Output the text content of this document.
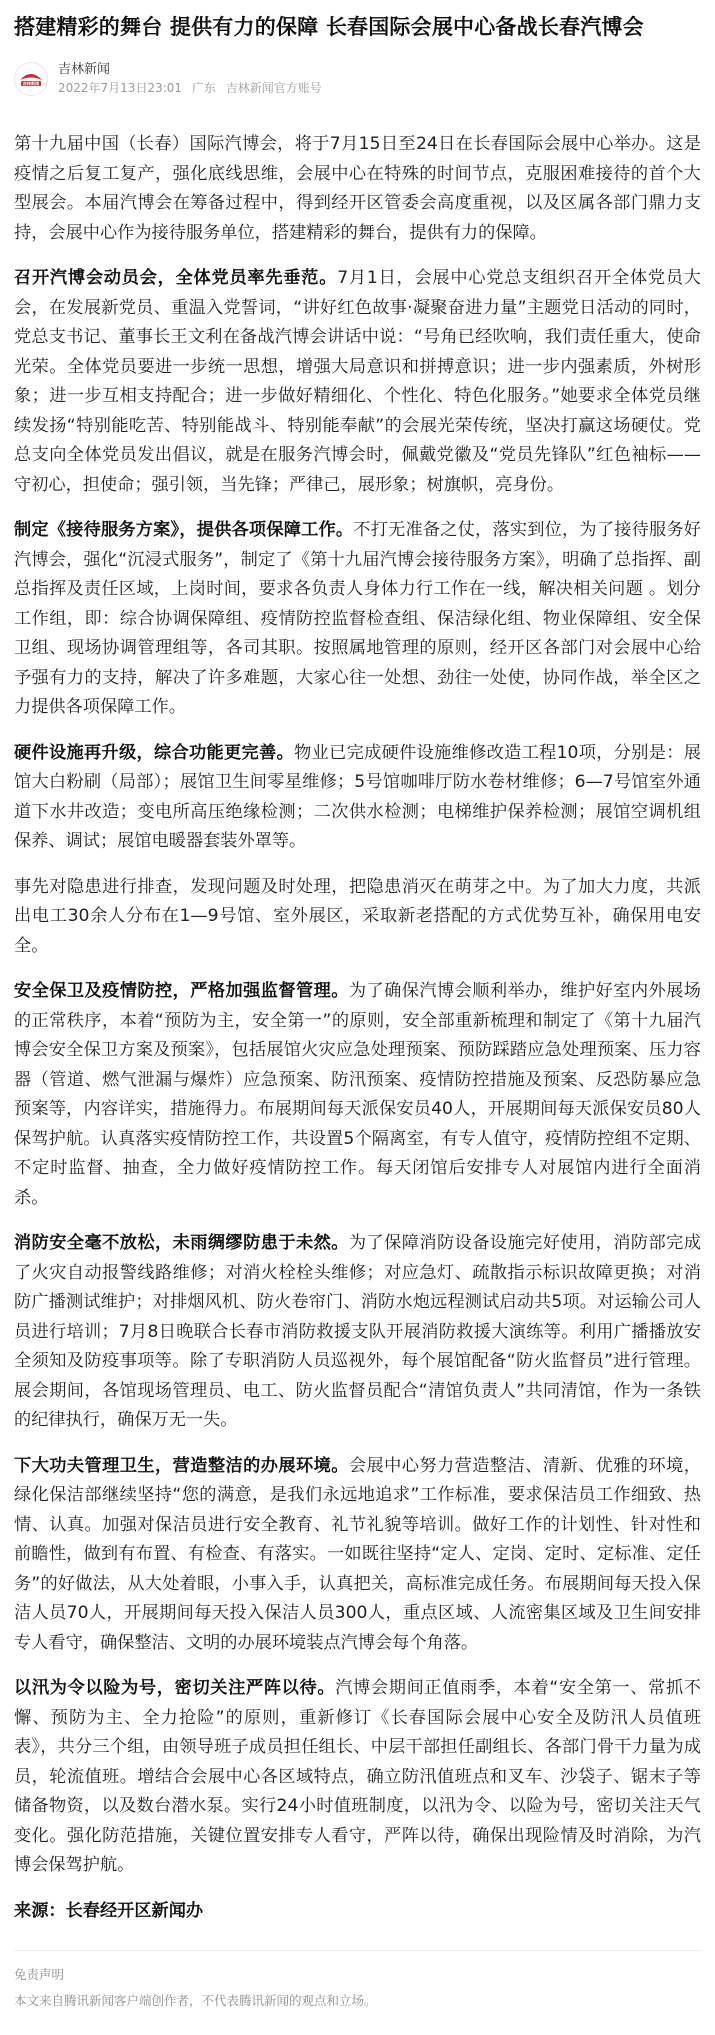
搭建精彩的舞台 提供有力的保障 长春国际会展中心备战长春汽博会
吉林新闻
吉林新闻
2022年7月13日23:01 广东 吉林新闻官方账号

第十九届中国（长春）国际汽博会，将于7月15日至24日在长春国际会展中心举办。这是疫情之后复工复产，强化底线思维，会展中心在特殊的时间节点，克服困难接待的首个大型展会。本届汽博会在筹备过程中，得到经开区管委会高度重视，以及区属各部门鼎力支持，会展中心作为接待服务单位，搭建精彩的舞台，提供有力的保障。

召开汽博会动员会，全体党员率先垂范。7月1日，会展中心党总支组织召开全体党员大会，在发展新党员、重温入党誓词，“讲好红色故事·凝聚奋进力量”主题党日活动的同时，党总支书记、董事长王文利在备战汽博会讲话中说：“号角已经吹响，我们责任重大，使命光荣。全体党员要进一步统一思想，增强大局意识和拼搏意识；进一步内强素质，外树形象；进一步互相支持配合；进一步做好精细化、个性化、特色化服务。”她要求全体党员继续发扬“特别能吃苦、特别能战斗、特别能奉献”的会展光荣传统，坚决打赢这场硬仗。党总支向全体党员发出倡议，就是在服务汽博会时，佩戴党徽及“党员先锋队”红色袖标——守初心，担使命；强引领，当先锋；严律己，展形象；树旗帜，亮身份。

制定《接待服务方案》，提供各项保障工作。不打无准备之仗，落实到位，为了接待服务好汽博会，强化“沉浸式服务”，制定了《第十九届汽博会接待服务方案》，明确了总指挥、副总指挥及责任区域，上岗时间，要求各负责人身体力行工作在一线，解决相关问题 。划分工作组，即：综合协调保障组、疫情防控监督检查组、保洁绿化组、物业保障组、安全保卫组、现场协调管理组等，各司其职。按照属地管理的原则，经开区各部门对会展中心给予强有力的支持，解决了许多难题，大家心往一处想、劲往一处使，协同作战，举全区之力提供各项保障工作。

硬件设施再升级，综合功能更完善。物业已完成硬件设施维修改造工程10项，分别是：展馆大白粉刷（局部）；展馆卫生间零星维修；5号馆咖啡厅防水卷材维修；6—7号馆室外通道下水井改造；变电所高压绝缘检测；二次供水检测；电梯维护保养检测；展馆空调机组保养、调试；展馆电暖器套装外罩等。

事先对隐患进行排查，发现问题及时处理，把隐患消灭在萌芽之中。为了加大力度，共派出电工30余人分布在1—9号馆、室外展区，采取新老搭配的方式优势互补，确保用电安全。

安全保卫及疫情防控，严格加强监督管理。为了确保汽博会顺利举办，维护好室内外展场的正常秩序，本着“预防为主，安全第一”的原则，安全部重新梳理和制定了《第十九届汽博会安全保卫方案及预案》，包括展馆火灾应急处理预案、预防踩踏应急处理预案、压力容器（管道、燃气泄漏与爆炸）应急预案、防汛预案、疫情防控措施及预案、反恐防暴应急预案等，内容详实，措施得力。布展期间每天派保安员40人，开展期间每天派保安员80人保驾护航。认真落实疫情防控工作，共设置5个隔离室，有专人值守，疫情防控组不定期、不定时监督、抽查，全力做好疫情防控工作。每天闭馆后安排专人对展馆内进行全面消杀。

消防安全毫不放松，未雨绸缪防患于未然。为了保障消防设备设施完好使用，消防部完成了火灾自动报警线路维修；对消火栓栓头维修；对应急灯、疏散指示标识故障更换；对消防广播测试维护；对排烟风机、防火卷帘门、消防水炮远程测试启动共5项。对运输公司人员进行培训；7月8日晚联合长春市消防救援支队开展消防救援大演练等。利用广播播放安全须知及防疫事项等。除了专职消防人员巡视外，每个展馆配备“防火监督员”进行管理。展会期间，各馆现场管理员、电工、防火监督员配合“清馆负责人”共同清馆，作为一条铁的纪律执行，确保万无一失。

下大功夫管理卫生，营造整洁的办展环境。会展中心努力营造整洁、清新、优雅的环境，绿化保洁部继续坚持“您的满意，是我们永远地追求”工作标准，要求保洁员工作细致、热情、认真。加强对保洁员进行安全教育、礼节礼貌等培训。做好工作的计划性、针对性和前瞻性，做到有布置、有检查、有落实。一如既往坚持“定人、定岗、定时、定标准、定任务”的好做法，从大处着眼，小事入手，认真把关，高标准完成任务。布展期间每天投入保洁人员70人，开展期间每天投入保洁人员300人，重点区域、人流密集区域及卫生间安排专人看守，确保整洁、文明的办展环境装点汽博会每个角落。

以汛为令以险为号，密切关注严阵以待。汽博会期间正值雨季，本着“安全第一、常抓不懈、预防为主、全力抢险”的原则，重新修订《长春国际会展中心安全及防汛人员值班表》，共分三个组，由领导班子成员担任组长、中层干部担任副组长、各部门骨干力量为成员，轮流值班。增结合会展中心各区域特点，确立防汛值班点和叉车、沙袋子、锯末子等储备物资，以及数台潜水泵。实行24小时值班制度，以汛为令、以险为号，密切关注天气变化。强化防范措施，关键位置安排专人看守，严阵以待，确保出现险情及时消除，为汽博会保驾护航。

来源：长春经开区新闻办
免责声明
本文来自腾讯新闻客户端创作者，不代表腾讯新闻的观点和立场。
